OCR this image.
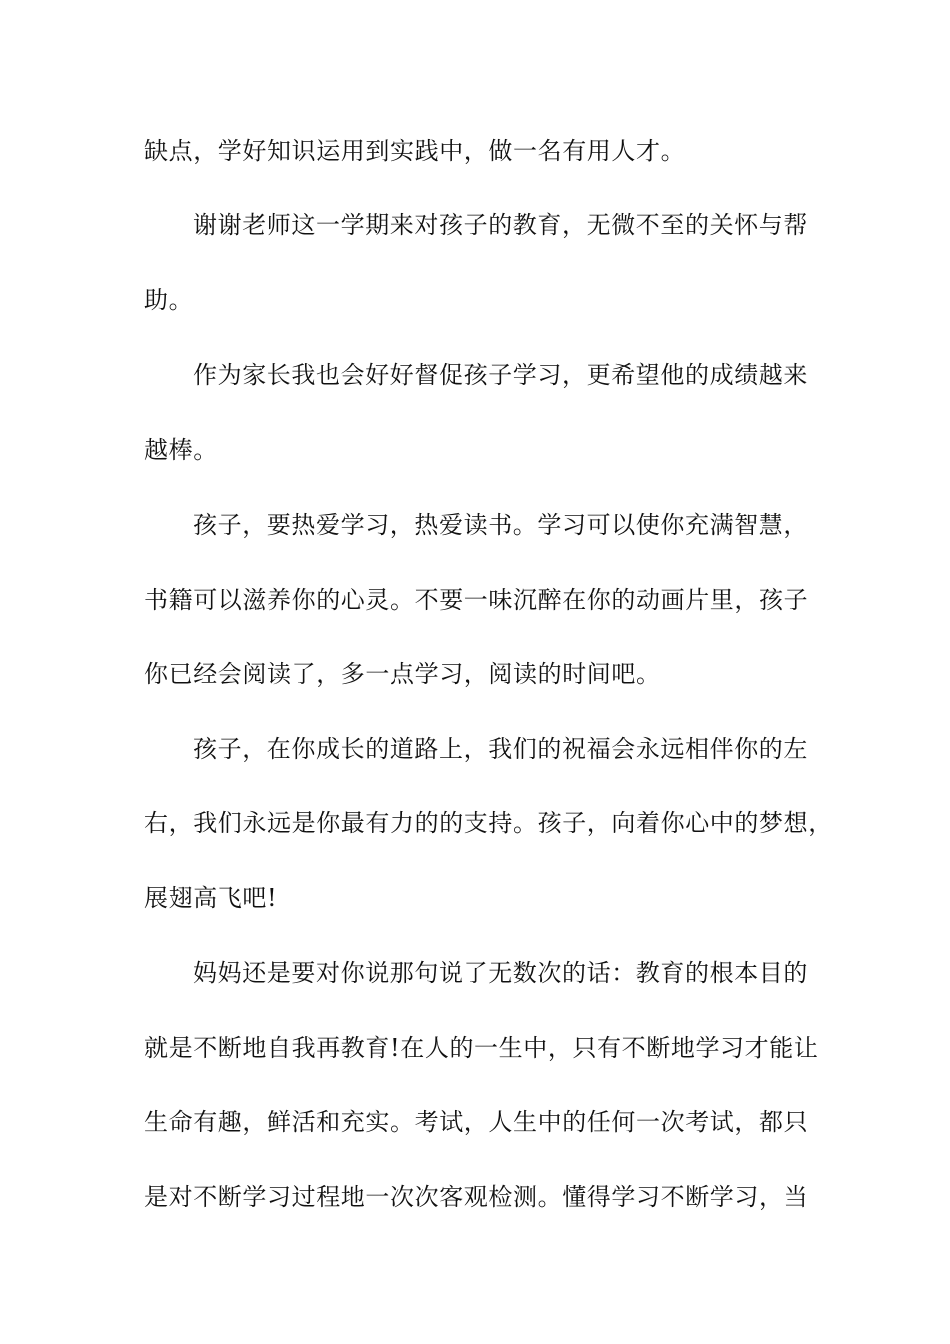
缺点，学好知识运用到实践中，做一名有用人才。
谢谢老师这一学期来对孩子的教育，无微不至的关怀与帮
助。
作为家长我也会好好督促孩子学习，更希望他的成绩越来
越棒。
孩子，要热爱学习，热爱读书。学习可以使你充满智慧，
书籍可以滋养你的心灵。不要一味沉醉在你的动画片里，孩子
你已经会阅读了，多一点学习，阅读的时间吧。
孩子，在你成长的道路上，我们的祝福会永远相伴你的左
右，我们永远是你最有力的的支持。孩子，向着你心中的梦想，
展翅高飞吧!
妈妈还是要对你说那句说了无数次的话：教育的根本目的
就是不断地自我再教育!在人的一生中，只有不断地学习才能让
生命有趣，鲜活和充实。考试，人生中的任何一次考试，都只
是对不断学习过程地一次次客观检测。懂得学习不断学习，当
